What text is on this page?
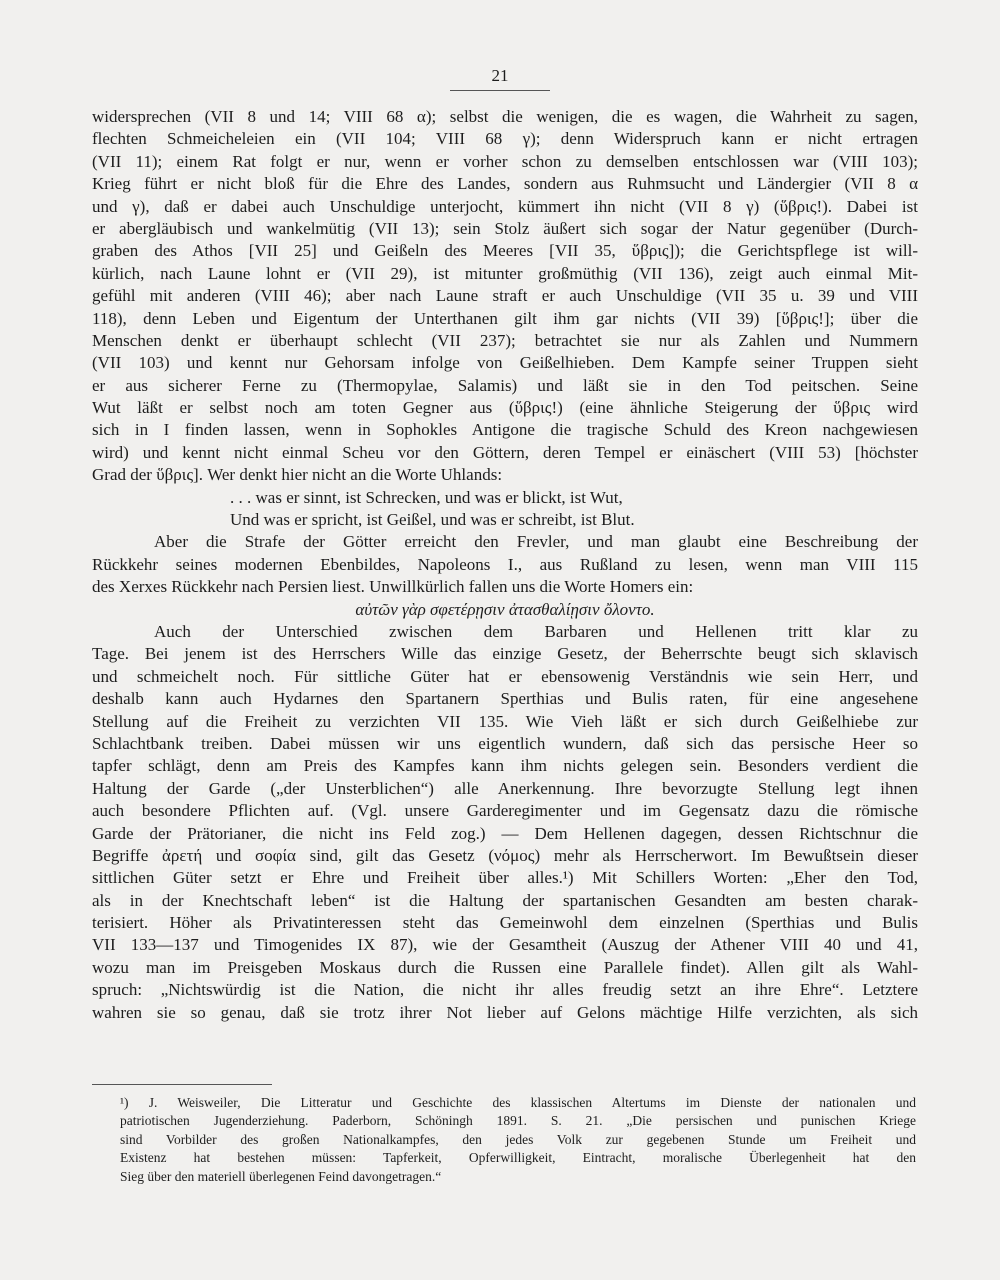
21
widersprechen (VII 8 und 14; VIII 68 α); selbst die wenigen, die es wagen, die Wahrheit zu sagen,
flechten Schmeicheleien ein (VII 104; VIII 68 γ); denn Widerspruch kann er nicht ertragen
(VII 11); einem Rat folgt er nur, wenn er vorher schon zu demselben entschlossen war (VIII 103);
Krieg führt er nicht bloß für die Ehre des Landes, sondern aus Ruhmsucht und Ländergier (VII 8 α
und γ), daß er dabei auch Unschuldige unterjocht, kümmert ihn nicht (VII 8 γ) (ὕβρις!). Dabei ist
er abergläubisch und wankelmütig (VII 13); sein Stolz äußert sich sogar der Natur gegenüber (Durch-
graben des Athos [VII 25] und Geißeln des Meeres [VII 35, ὕβρις]); die Gerichtspflege ist will-
kürlich, nach Laune lohnt er (VII 29), ist mitunter großmüthig (VII 136), zeigt auch einmal Mit-
gefühl mit anderen (VIII 46); aber nach Laune straft er auch Unschuldige (VII 35 u. 39 und VIII
118), denn Leben und Eigentum der Unterthanen gilt ihm gar nichts (VII 39) [ὕβρις!]; über die
Menschen denkt er überhaupt schlecht (VII 237); betrachtet sie nur als Zahlen und Nummern
(VII 103) und kennt nur Gehorsam infolge von Geißelhieben. Dem Kampfe seiner Truppen sieht
er aus sicherer Ferne zu (Thermopylae, Salamis) und läßt sie in den Tod peitschen. Seine
Wut läßt er selbst noch am toten Gegner aus (ὕβρις!) (eine ähnliche Steigerung der ὕβρις wird
sich in I finden lassen, wenn in Sophokles Antigone die tragische Schuld des Kreon nachgewiesen
wird) und kennt nicht einmal Scheu vor den Göttern, deren Tempel er einäschert (VIII 53) [höchster
Grad der ὕβρις]. Wer denkt hier nicht an die Worte Uhlands:
. . . was er sinnt, ist Schrecken, und was er blickt, ist Wut,
Und was er spricht, ist Geißel, und was er schreibt, ist Blut.
Aber die Strafe der Götter erreicht den Frevler, und man glaubt eine Beschreibung der
Rückkehr seines modernen Ebenbildes, Napoleons I., aus Rußland zu lesen, wenn man VIII 115
des Xerxes Rückkehr nach Persien liest. Unwillkürlich fallen uns die Worte Homers ein:
αὐτῶν γὰρ σφετέρῃσιν ἀτασθαλίῃσιν ὄλοντο.
Auch der Unterschied zwischen dem Barbaren und Hellenen tritt klar zu
Tage. Bei jenem ist des Herrschers Wille das einzige Gesetz, der Beherrschte beugt sich sklavisch
und schmeichelt noch. Für sittliche Güter hat er ebensowenig Verständnis wie sein Herr, und
deshalb kann auch Hydarnes den Spartanern Sperthias und Bulis raten, für eine angesehene
Stellung auf die Freiheit zu verzichten VII 135. Wie Vieh läßt er sich durch Geißelhiebe zur
Schlachtbank treiben. Dabei müssen wir uns eigentlich wundern, daß sich das persische Heer so
tapfer schlägt, denn am Preis des Kampfes kann ihm nichts gelegen sein. Besonders verdient die
Haltung der Garde („der Unsterblichen“) alle Anerkennung. Ihre bevorzugte Stellung legt ihnen
auch besondere Pflichten auf. (Vgl. unsere Garderegimenter und im Gegensatz dazu die römische
Garde der Prätorianer, die nicht ins Feld zog.) — Dem Hellenen dagegen, dessen Richtschnur die
Begriffe ἀρετή und σοφία sind, gilt das Gesetz (νόμος) mehr als Herrscherwort. Im Bewußtsein dieser
sittlichen Güter setzt er Ehre und Freiheit über alles.¹) Mit Schillers Worten: „Eher den Tod,
als in der Knechtschaft leben“ ist die Haltung der spartanischen Gesandten am besten charak-
terisiert. Höher als Privatinteressen steht das Gemeinwohl dem einzelnen (Sperthias und Bulis
VII 133—137 und Timogenides IX 87), wie der Gesamtheit (Auszug der Athener VIII 40 und 41,
wozu man im Preisgeben Moskaus durch die Russen eine Parallele findet). Allen gilt als Wahl-
spruch: „Nichtswürdig ist die Nation, die nicht ihr alles freudig setzt an ihre Ehre“. Letztere
wahren sie so genau, daß sie trotz ihrer Not lieber auf Gelons mächtige Hilfe verzichten, als sich
¹) J. Weisweiler, Die Litteratur und Geschichte des klassischen Altertums im Dienste der nationalen und
patriotischen Jugenderziehung. Paderborn, Schöningh 1891. S. 21. „Die persischen und punischen Kriege
sind Vorbilder des großen Nationalkampfes, den jedes Volk zur gegebenen Stunde um Freiheit und
Existenz hat bestehen müssen: Tapferkeit, Opferwilligkeit, Eintracht, moralische Überlegenheit hat den
Sieg über den materiell überlegenen Feind davongetragen.“
